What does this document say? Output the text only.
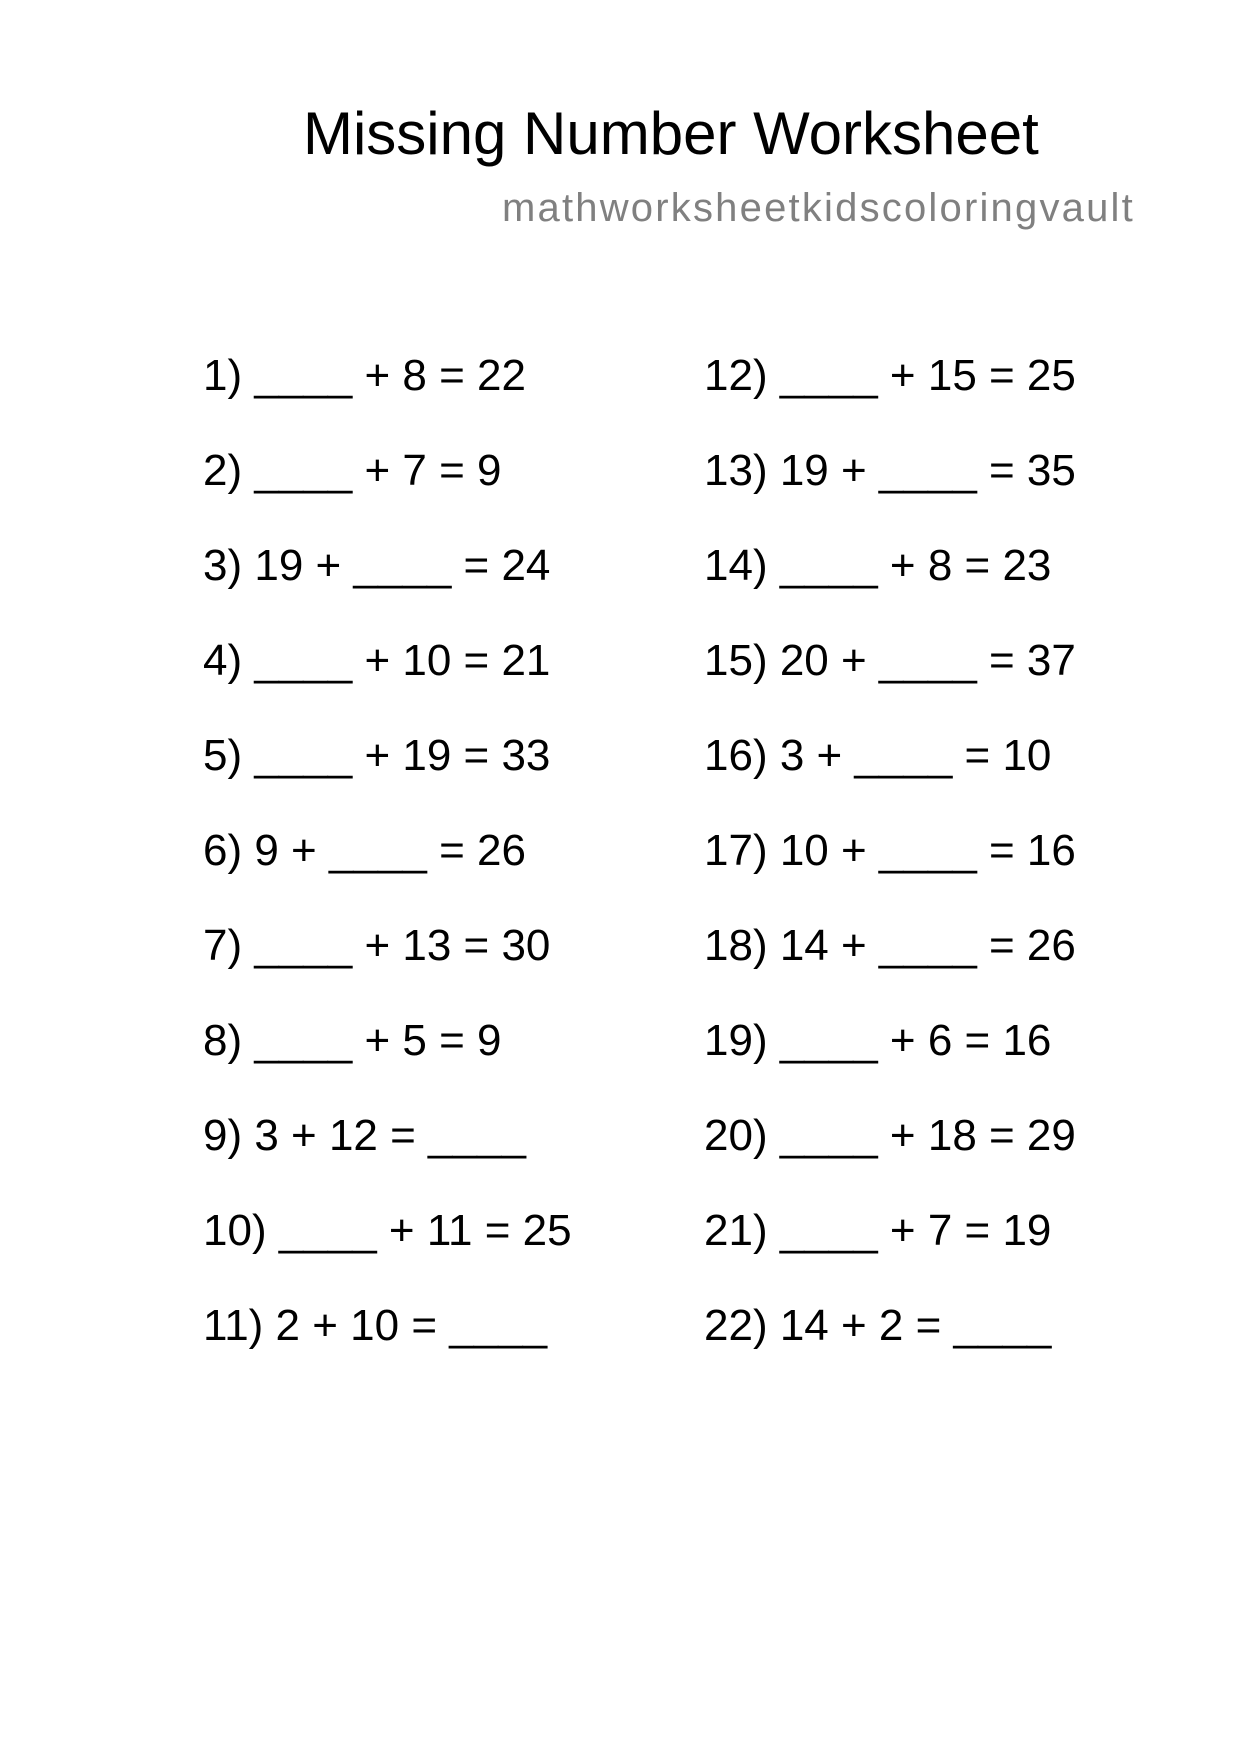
Missing Number Worksheet
mathworksheetkidscoloringvault
1) ____ + 8 = 22
2) ____ + 7 = 9
3) 19 + ____ = 24
4) ____ + 10 = 21
5) ____ + 19 = 33
6) 9 + ____ = 26
7) ____ + 13 = 30
8) ____ + 5 = 9
9) 3 + 12 = ____
10) ____ + 11 = 25
11) 2 + 10 = ____
12) ____ + 15 = 25
13) 19 + ____ = 35
14) ____ + 8 = 23
15) 20 + ____ = 37
16) 3 + ____ = 10
17) 10 + ____ = 16
18) 14 + ____ = 26
19) ____ + 6 = 16
20) ____ + 18 = 29
21) ____ + 7 = 19
22) 14 + 2 = ____
